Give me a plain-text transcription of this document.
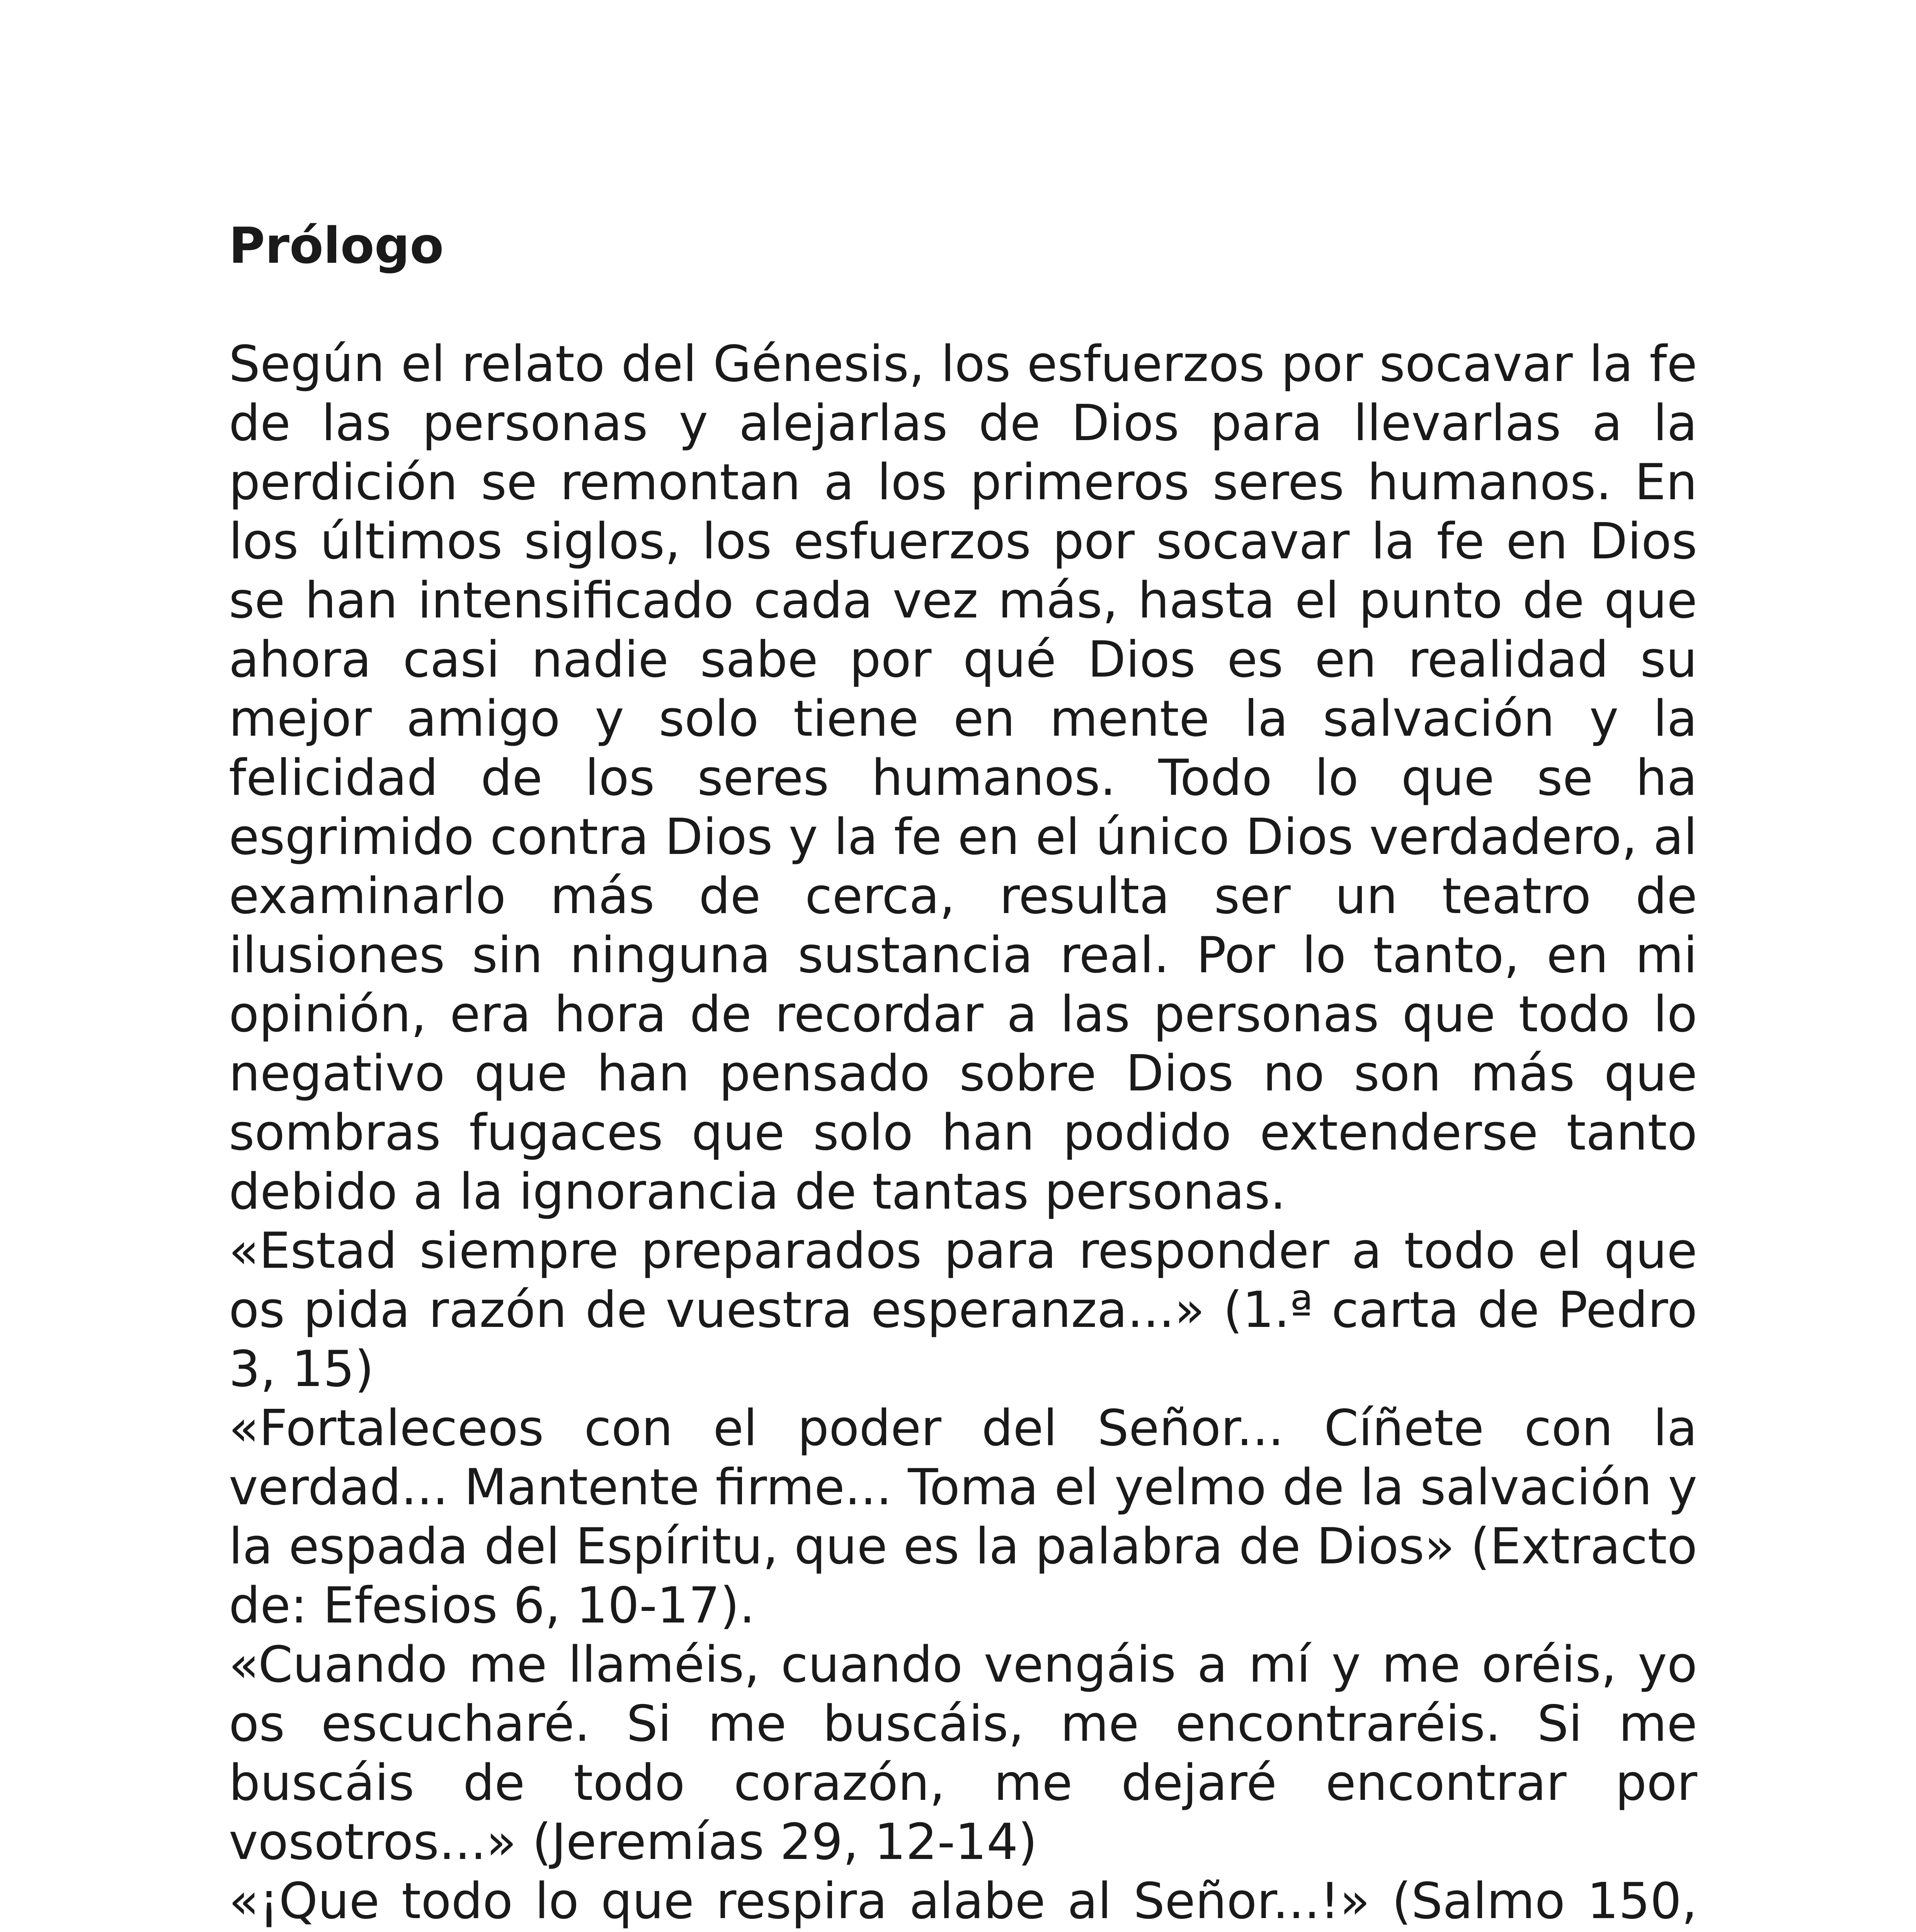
Prólogo

Según el relato del Génesis, los esfuerzos por socavar la fe de las personas y alejarlas de Dios para llevarlas a la perdición se remontan a los primeros seres humanos. En los últimos siglos, los esfuerzos por socavar la fe en Dios se han intensificado cada vez más, hasta el punto de que ahora casi nadie sabe por qué Dios es en realidad su mejor amigo y solo tiene en mente la salvación y la felicidad de los seres humanos. Todo lo que se ha esgrimido contra Dios y la fe en el único Dios verdadero, al examinarlo más de cerca, resulta ser un teatro de ilusiones sin ninguna sustancia real. Por lo tanto, en mi opinión, era hora de recordar a las personas que todo lo negativo que han pensado sobre Dios no son más que sombras fugaces que solo han podido extenderse tanto debido a la ignorancia de tantas personas.

«Estad siempre preparados para responder a todo el que os pida razón de vuestra esperanza...» (1.ª carta de Pedro 3, 15)

«Fortaleceos con el poder del Señor... Cíñete con la verdad... Mantente firme... Toma el yelmo de la salvación y la espada del Espíritu, que es la palabra de Dios» (Extracto de: Efesios 6, 10-17).

«Cuando me llaméis, cuando vengáis a mí y me oréis, yo os escucharé. Si me buscáis, me encontraréis. Si me buscáis de todo corazón, me dejaré encontrar por vosotros...» (Jeremías 29, 12-14)

«¡Que todo lo que respira alabe al Señor...!» (Salmo 150,
